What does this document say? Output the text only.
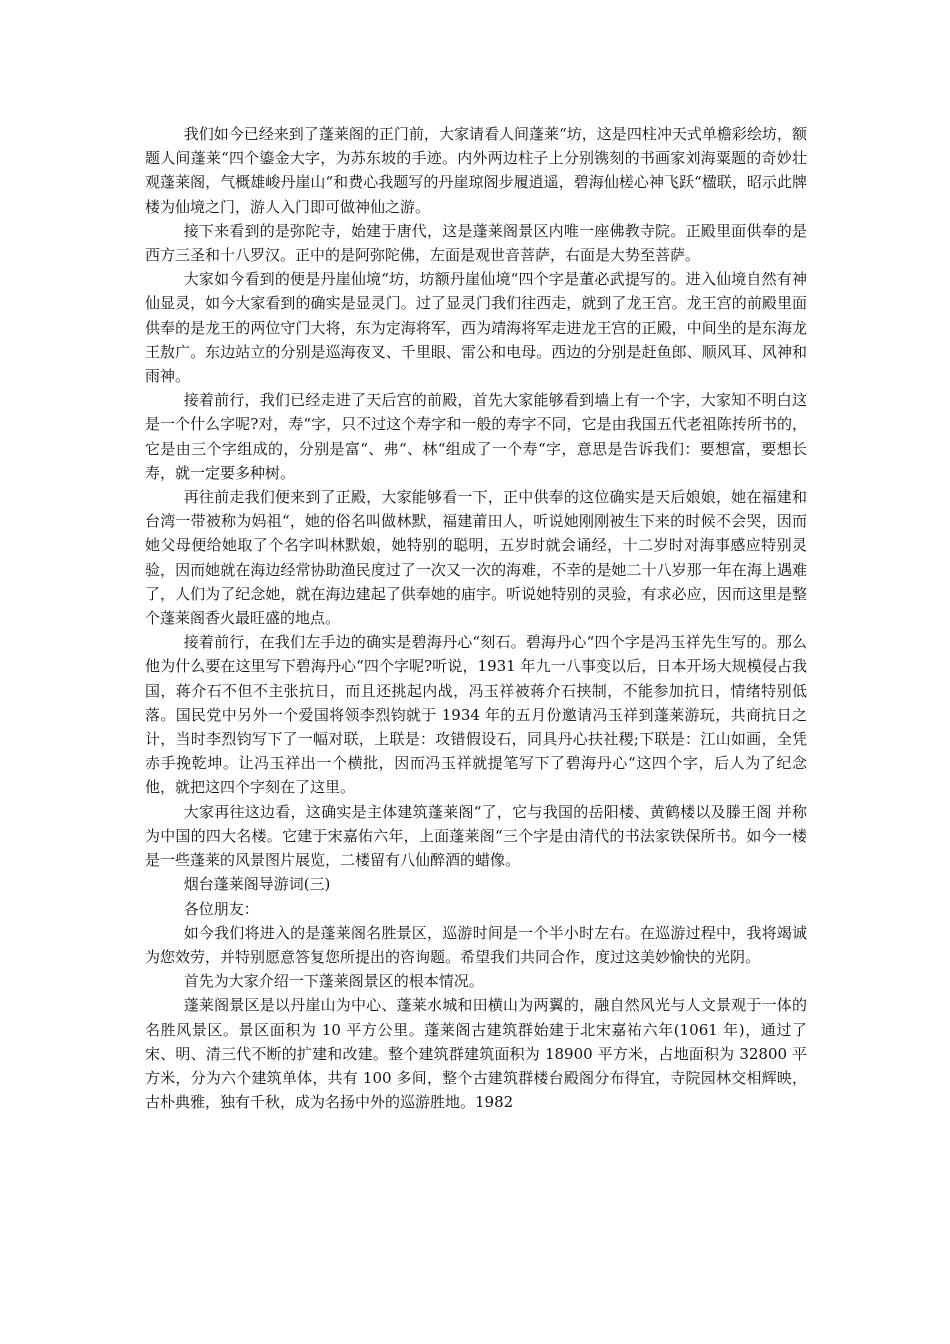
我们如今已经来到了蓬莱阁的正门前，大家请看人间蓬莱“坊，这是四柱冲天式单檐彩绘坊，额题人间蓬莱“四个鎏金大字，为苏东坡的手迹。内外两边柱子上分别镌刻的书画家刘海粟题的奇妙壮观蓬莱阁，气概雄峻丹崖山“和费心我题写的丹崖琼阁步履逍遥，碧海仙槎心神飞跃“楹联，昭示此牌楼为仙境之门，游人入门即可做神仙之游。

接下来看到的是弥陀寺，始建于唐代，这是蓬莱阁景区内唯一座佛教寺院。正殿里面供奉的是西方三圣和十八罗汉。正中的是阿弥陀佛，左面是观世音菩萨，右面是大势至菩萨。

大家如今看到的便是丹崖仙境“坊，坊额丹崖仙境“四个字是董必武提写的。进入仙境自然有神仙显灵，如今大家看到的确实是显灵门。过了显灵门我们往西走，就到了龙王宫。龙王宫的前殿里面供奉的是龙王的两位守门大将，东为定海将军，西为靖海将军走进龙王宫的正殿，中间坐的是东海龙王敖广。东边站立的分别是巡海夜叉、千里眼、雷公和电母。西边的分别是赶鱼郎、顺风耳、风神和雨神。

接着前行，我们已经走进了天后宫的前殿，首先大家能够看到墙上有一个字，大家知不明白这是一个什么字呢?对，寿“字，只不过这个寿字和一般的寿字不同，它是由我国五代老祖陈抟所书的，它是由三个字组成的，分别是富“、弗“、林“组成了一个寿“字，意思是告诉我们：要想富，要想长寿，就一定要多种树。

再往前走我们便来到了正殿，大家能够看一下，正中供奉的这位确实是天后娘娘，她在福建和台湾一带被称为妈祖“，她的俗名叫做林默，福建莆田人，听说她刚刚被生下来的时候不会哭，因而她父母便给她取了个名字叫林默娘，她特别的聪明，五岁时就会诵经，十二岁时对海事感应特别灵验，因而她就在海边经常协助渔民度过了一次又一次的海难，不幸的是她二十八岁那一年在海上遇难了，人们为了纪念她，就在海边建起了供奉她的庙宇。听说她特别的灵验，有求必应，因而这里是整个蓬莱阁香火最旺盛的地点。

接着前行，在我们左手边的确实是碧海丹心“刻石。碧海丹心“四个字是冯玉祥先生写的。那么他为什么要在这里写下碧海丹心“四个字呢?听说，1931 年九一八事变以后，日本开场大规模侵占我国，蒋介石不但不主张抗日，而且还挑起内战，冯玉祥被蒋介石挟制，不能参加抗日，情绪特别低落。国民党中另外一个爱国将领李烈钧就于 1934 年的五月份邀请冯玉祥到蓬莱游玩，共商抗日之计，当时李烈钧写下了一幅对联，上联是：攻错假设石，同具丹心扶社稷;下联是：江山如画，全凭赤手挽乾坤。让冯玉祥出一个横批，因而冯玉祥就提笔写下了碧海丹心“这四个字，后人为了纪念他，就把这四个字刻在了这里。

大家再往这边看，这确实是主体建筑蓬莱阁“了，它与我国的岳阳楼、黄鹤楼以及滕王阁 并称为中国的四大名楼。它建于宋嘉佑六年，上面蓬莱阁“三个字是由清代的书法家铁保所书。如今一楼是一些蓬莱的风景图片展览，二楼留有八仙醉酒的蜡像。

烟台蓬莱阁导游词(三)

各位朋友：

如今我们将进入的是蓬莱阁名胜景区，巡游时间是一个半小时左右。在巡游过程中，我将竭诚为您效劳，并特别愿意答复您所提出的咨询题。希望我们共同合作，度过这美妙愉快的光阴。

首先为大家介绍一下蓬莱阁景区的根本情况。

蓬莱阁景区是以丹崖山为中心、蓬莱水城和田横山为两翼的，融自然风光与人文景观于一体的名胜风景区。景区面积为 10 平方公里。蓬莱阁古建筑群始建于北宋嘉祐六年(1061 年)，通过了宋、明、清三代不断的扩建和改建。整个建筑群建筑面积为 18900 平方米，占地面积为 32800 平方米，分为六个建筑单体，共有 100 多间，整个古建筑群楼台殿阁分布得宜，寺院园林交相辉映，古朴典雅，独有千秋，成为名扬中外的巡游胜地。1982
